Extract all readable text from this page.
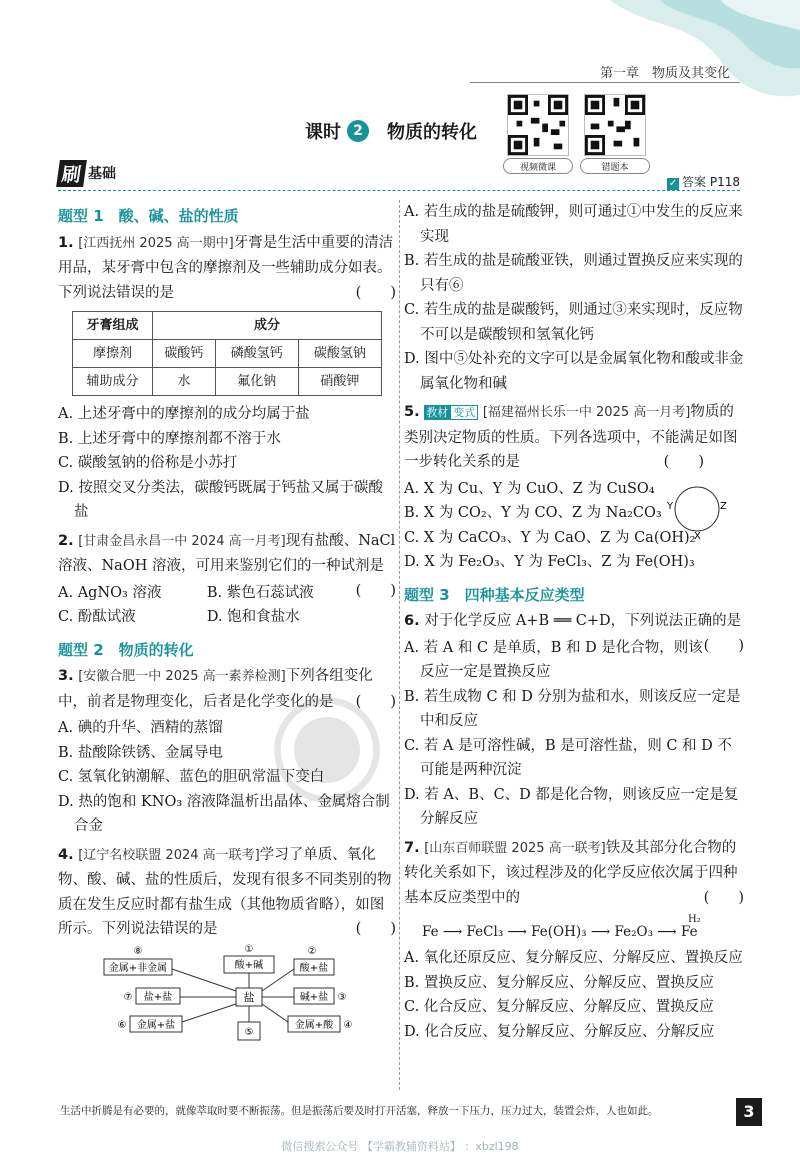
第一章　物质及其变化
课时 2	物质的转化
视频微课	错题本
刷 基础
✓ 答案 P118
题型 1　酸、碱、盐的性质
1. [江西抚州 2025 高一期中]牙膏是生活中重要的清洁用品，某牙膏中包含的摩擦剂及一些辅助成分如表。下列说法错误的是	(　　)
牙膏组成	成分		
摩擦剂	碳酸钙	磷酸氢钙	碳酸氢钠
辅助成分	水	氟化钠	硝酸钾
A. 上述牙膏中的摩擦剂的成分均属于盐
B. 上述牙膏中的摩擦剂都不溶于水
C. 碳酸氢钠的俗称是小苏打
D. 按照交叉分类法，碳酸钙既属于钙盐又属于碳酸盐
2. [甘肃金昌永昌一中 2024 高一月考]现有盐酸、NaCl 溶液、NaOH 溶液，可用来鉴别它们的一种试剂是
(　　)
A. AgNO₃ 溶液	B. 紫色石蕊试液
C. 酚酞试液	D. 饱和食盐水
题型 2　物质的转化
3. [安徽合肥一中 2025 高一素养检测]下列各组变化中，前者是物理变化，后者是化学变化的是 (　　)
A. 碘的升华、酒精的蒸馏
B. 盐酸除铁锈、金属导电
C. 氢氧化钠潮解、蓝色的胆矾常温下变白
D. 热的饱和 KNO₃ 溶液降温析出晶体、金属熔合制合金
4. [辽宁名校联盟 2024 高一联考]学习了单质、氧化物、酸、碱、盐的性质后，发现有很多不同类别的物质在发生反应时都有盐生成（其他物质省略），如图所示。下列说法错误的是	(　　)
盐
①
酸+碱
②
酸+盐
碱+盐 ③
金属+酸 ④
⑤
⑥ 金属+盐
⑦ 盐+盐
⑧
金属+非金属
A. 若生成的盐是硫酸钾，则可通过①中发生的反应来实现
B. 若生成的盐是硫酸亚铁，则通过置换反应来实现的只有⑥
C. 若生成的盐是碳酸钙，则通过③来实现时，反应物不可以是碳酸钡和氢氧化钙
D. 图中⑤处补充的文字可以是金属氧化物和酸或非金属氧化物和碱
5. 教材 变式 [福建福州长乐一中 2025 高一月考]物质的类别决定物质的性质。下列各选项中，不能满足如图一步转化关系的是	(　　)
A. X 为 Cu、Y 为 CuO、Z 为 CuSO₄
B. X 为 CO₂、Y 为 CO、Z 为 Na₂CO₃
C. X 为 CaCO₃、Y 为 CaO、Z 为 Ca(OH)₂
D. X 为 Fe₂O₃、Y 为 FeCl₃、Z 为 Fe(OH)₃
Y	Z
X
题型 3　四种基本反应类型
6. 对于化学反应 A+B ══ C+D，下列说法正确的是
(　　)
A. 若 A 和 C 是单质，B 和 D 是化合物，则该反应一定是置换反应
B. 若生成物 C 和 D 分别为盐和水，则该反应一定是中和反应
C. 若 A 是可溶性碱，B 是可溶性盐，则 C 和 D 不可能是两种沉淀
D. 若 A、B、C、D 都是化合物，则该反应一定是复分解反应
7. [山东百师联盟 2025 高一联考]铁及其部分化合物的转化关系如下，该过程涉及的化学反应依次属于四种基本反应类型中的	(　　)
H₂
Fe ⟶ FeCl₃ ⟶ Fe(OH)₃ ⟶ Fe₂O₃ ⟶ Fe
A. 氧化还原反应、复分解反应、分解反应、置换反应
B. 置换反应、复分解反应、分解反应、置换反应
C. 化合反应、复分解反应、分解反应、置换反应
D. 化合反应、复分解反应、分解反应、分解反应
生活中折腾是有必要的，就像萃取时要不断振荡。但是振荡后要及时打开活塞，释放一下压力，压力过大，装置会炸，人也如此。	3
微信搜索公众号 【学霸教辅资料站】 ：xbzl198
